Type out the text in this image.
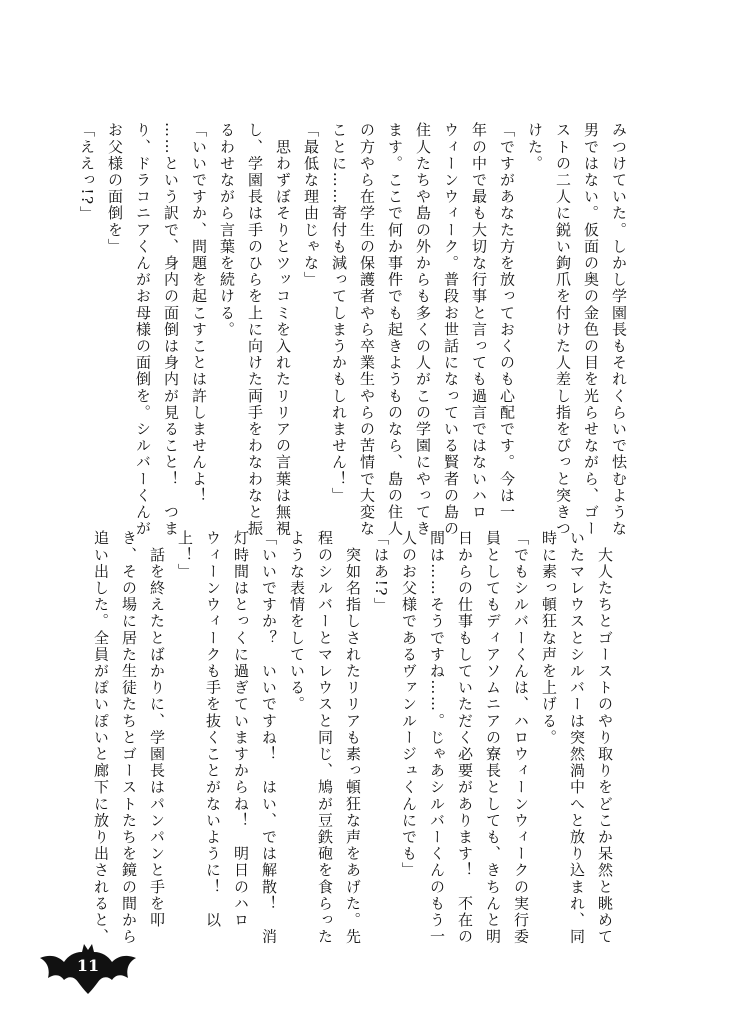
みつけていた。しかし学園長もそれくらいで怯むような

男ではない。仮面の奥の金色の目を光らせながら、ゴー

ストの二人に鋭い鉤爪を付けた人差し指をぴっと突きつ

けた。

「ですがあなた方を放っておくのも心配です。今は一

年の中で最も大切な行事と言っても過言ではないハロ

ウィーンウィーク。普段お世話になっている賢者の島の

住人たちや島の外からも多くの人がこの学園にやってき

ます。ここで何か事件でも起きようものなら、島の住人

の方やら在学生の保護者やら卒業生やらの苦情で大変な

ことに……寄付も減ってしまうかもしれません！」

「最低な理由じゃな」

　思わずぼそりとツッコミを入れたリリアの言葉は無視

し、学園長は手のひらを上に向けた両手をわなわなと振

るわせながら言葉を続ける。

「いいですか、問題を起こすことは許しませんよ！

……という訳で、身内の面倒は身内が見ること！　つま

り、ドラコニアくんがお母様の面倒を。シルバーくんが

お父様の面倒を」

「ええっ!?」

　大人たちとゴーストのやり取りをどこか呆然と眺めて

いたマレウスとシルバーは突然渦中へと放り込まれ、同

時に素っ頓狂な声を上げる。

「でもシルバーくんは、ハロウィーンウィークの実行委

員としてもディアソムニアの寮長としても、きちんと明

日からの仕事もしていただく必要があります！　不在の

間は……そうですね……。じゃあシルバーくんのもう一

人のお父様であるヴァンルージュくんにでも」

「はあ!?」

　突如名指しされたリリアも素っ頓狂な声をあげた。先

程のシルバーとマレウスと同じ、鳩が豆鉄砲を食らった

ような表情をしている。

「いいですか？　いいですね！　はい、では解散！　消

灯時間はとっくに過ぎていますからね！　明日のハロ

ウィーンウィークも手を抜くことがないように！　以

上！」

　話を終えたとばかりに、学園長はパンパンと手を叩

き、その場に居た生徒たちとゴーストたちを鏡の間から

追い出した。全員がぽいぽいと廊下に放り出されると、

11
